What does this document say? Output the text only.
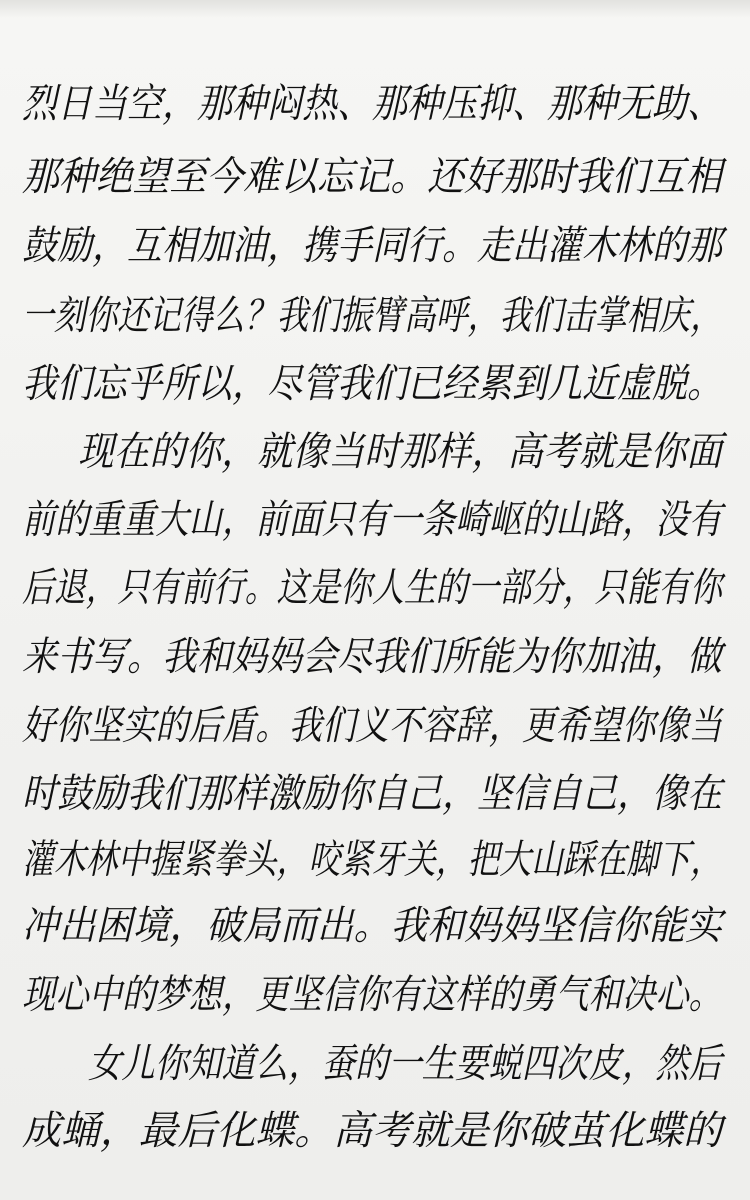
烈日当空，那种闷热、那种压抑、那种无助、
那种绝望至今难以忘记。还好那时我们互相
鼓励，互相加油，携手同行。走出灌木林的那
一刻你还记得么？我们振臂高呼，我们击掌相庆，
我们忘乎所以，尽管我们已经累到几近虚脱。
现在的你，就像当时那样，高考就是你面
前的重重大山，前面只有一条崎岖的山路，没有
后退，只有前行。这是你人生的一部分，只能有你
来书写。我和妈妈会尽我们所能为你加油，做
好你坚实的后盾。我们义不容辞，更希望你像当
时鼓励我们那样激励你自己，坚信自己，像在
灌木林中握紧拳头，咬紧牙关，把大山踩在脚下，
冲出困境，破局而出。我和妈妈坚信你能实
现心中的梦想，更坚信你有这样的勇气和决心。
女儿你知道么，蚕的一生要蜕四次皮，然后
成蛹，最后化蝶。高考就是你破茧化蝶的
